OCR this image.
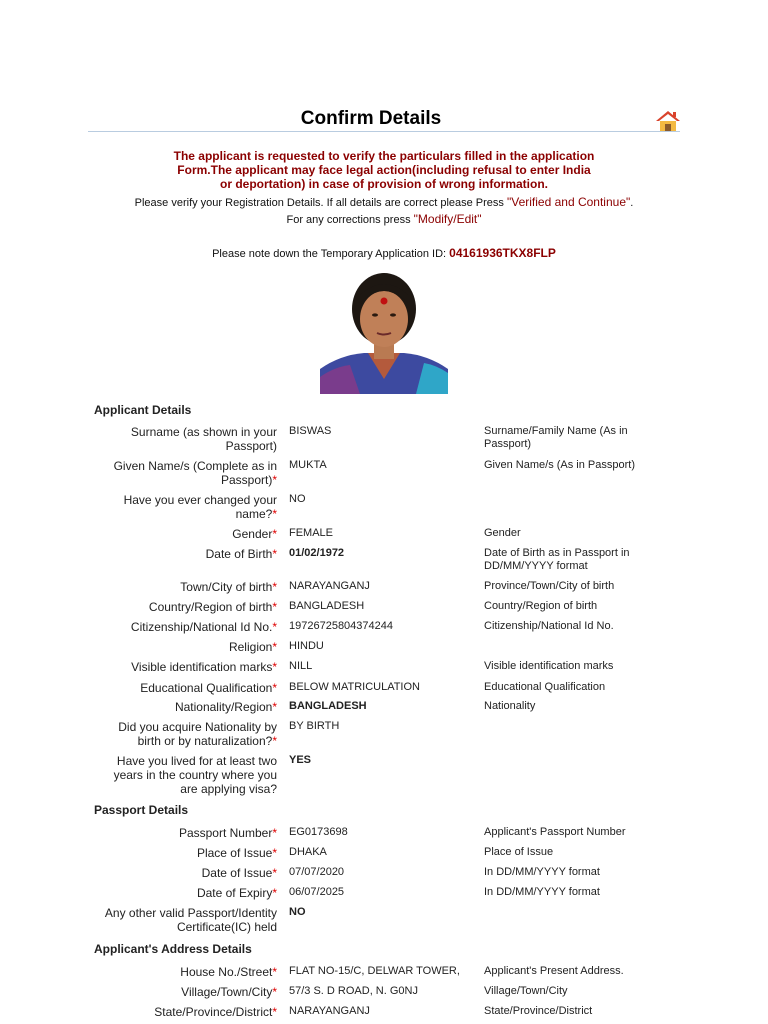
Confirm Details
The applicant is requested to verify the particulars filled in the application
Form.The applicant may face legal action(including refusal to enter India
or deportation) in case of provision of wrong information.
Please verify your Registration Details. If all details are correct please Press "Verified and Continue".
For any corrections press "Modify/Edit"
Please note down the Temporary Application ID: 04161936TKX8FLP
Applicant Details
Surname (as shown in your
Passport)
BISWAS	Surname/Family Name (As in Passport)
Given Name/s (Complete as in
Passport)*
MUKTA	Given Name/s (As in Passport)
Have you ever changed your
name?*
NO
Gender* FEMALE	Gender
Date of Birth* 01/02/1972	Date of Birth as in Passport in DD/MM/YYYY format
Town/City of birth* NARAYANGANJ	Province/Town/City of birth
Country/Region of birth* BANGLADESH	Country/Region of birth
Citizenship/National Id No.* 19726725804374244	Citizenship/National Id No.
Religion* HINDU
Visible identification marks* NILL	Visible identification marks
Educational Qualification* BELOW MATRICULATION	Educational Qualification
Nationality/Region* BANGLADESH	Nationality
Did you acquire Nationality by
birth or by naturalization?*
BY BIRTH
Have you lived for at least two
years in the country where you
are applying visa?
YES
Passport Details
Passport Number* EG0173698	Applicant's Passport Number
Place of Issue* DHAKA	Place of Issue
Date of Issue* 07/07/2020	In DD/MM/YYYY format
Date of Expiry* 06/07/2025	In DD/MM/YYYY format
Any other valid Passport/Identity
Certificate(IC) held
NO
Applicant's Address Details
House No./Street* FLAT NO-15/C, DELWAR TOWER,	Applicant's Present Address.
Village/Town/City* 57/3 S. D ROAD, N. G0NJ	Village/Town/City
State/Province/District* NARAYANGANJ	State/Province/District
